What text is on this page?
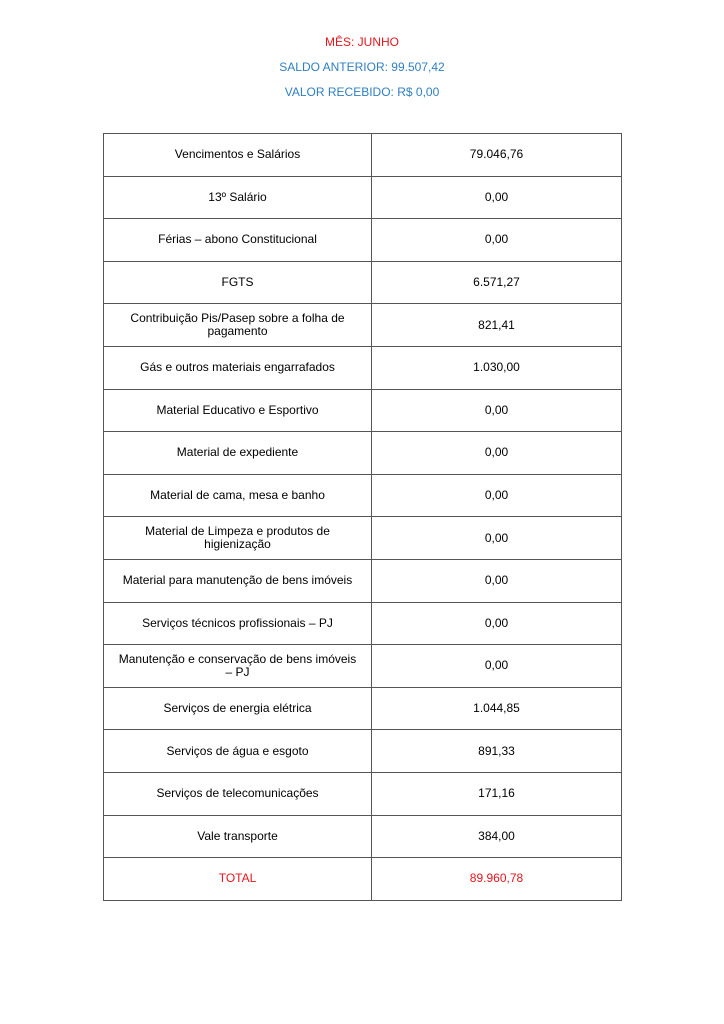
MÊS: JUNHO
SALDO ANTERIOR: 99.507,42
VALOR RECEBIDO: R$ 0,00
Vencimentos e Salários	79.046,76
13º Salário	0,00
Férias – abono Constitucional	0,00
FGTS	6.571,27
Contribuição Pis/Pasep sobre a folha de pagamento	821,41
Gás e outros materiais engarrafados	1.030,00
Material Educativo e Esportivo	0,00
Material de expediente	0,00
Material de cama, mesa e banho	0,00
Material de Limpeza e produtos de higienização	0,00
Material para manutenção de bens imóveis	0,00
Serviços técnicos profissionais – PJ	0,00
Manutenção e conservação de bens imóveis – PJ	0,00
Serviços de energia elétrica	1.044,85
Serviços de água e esgoto	891,33
Serviços de telecomunicações	171,16
Vale transporte	384,00
TOTAL	89.960,78
